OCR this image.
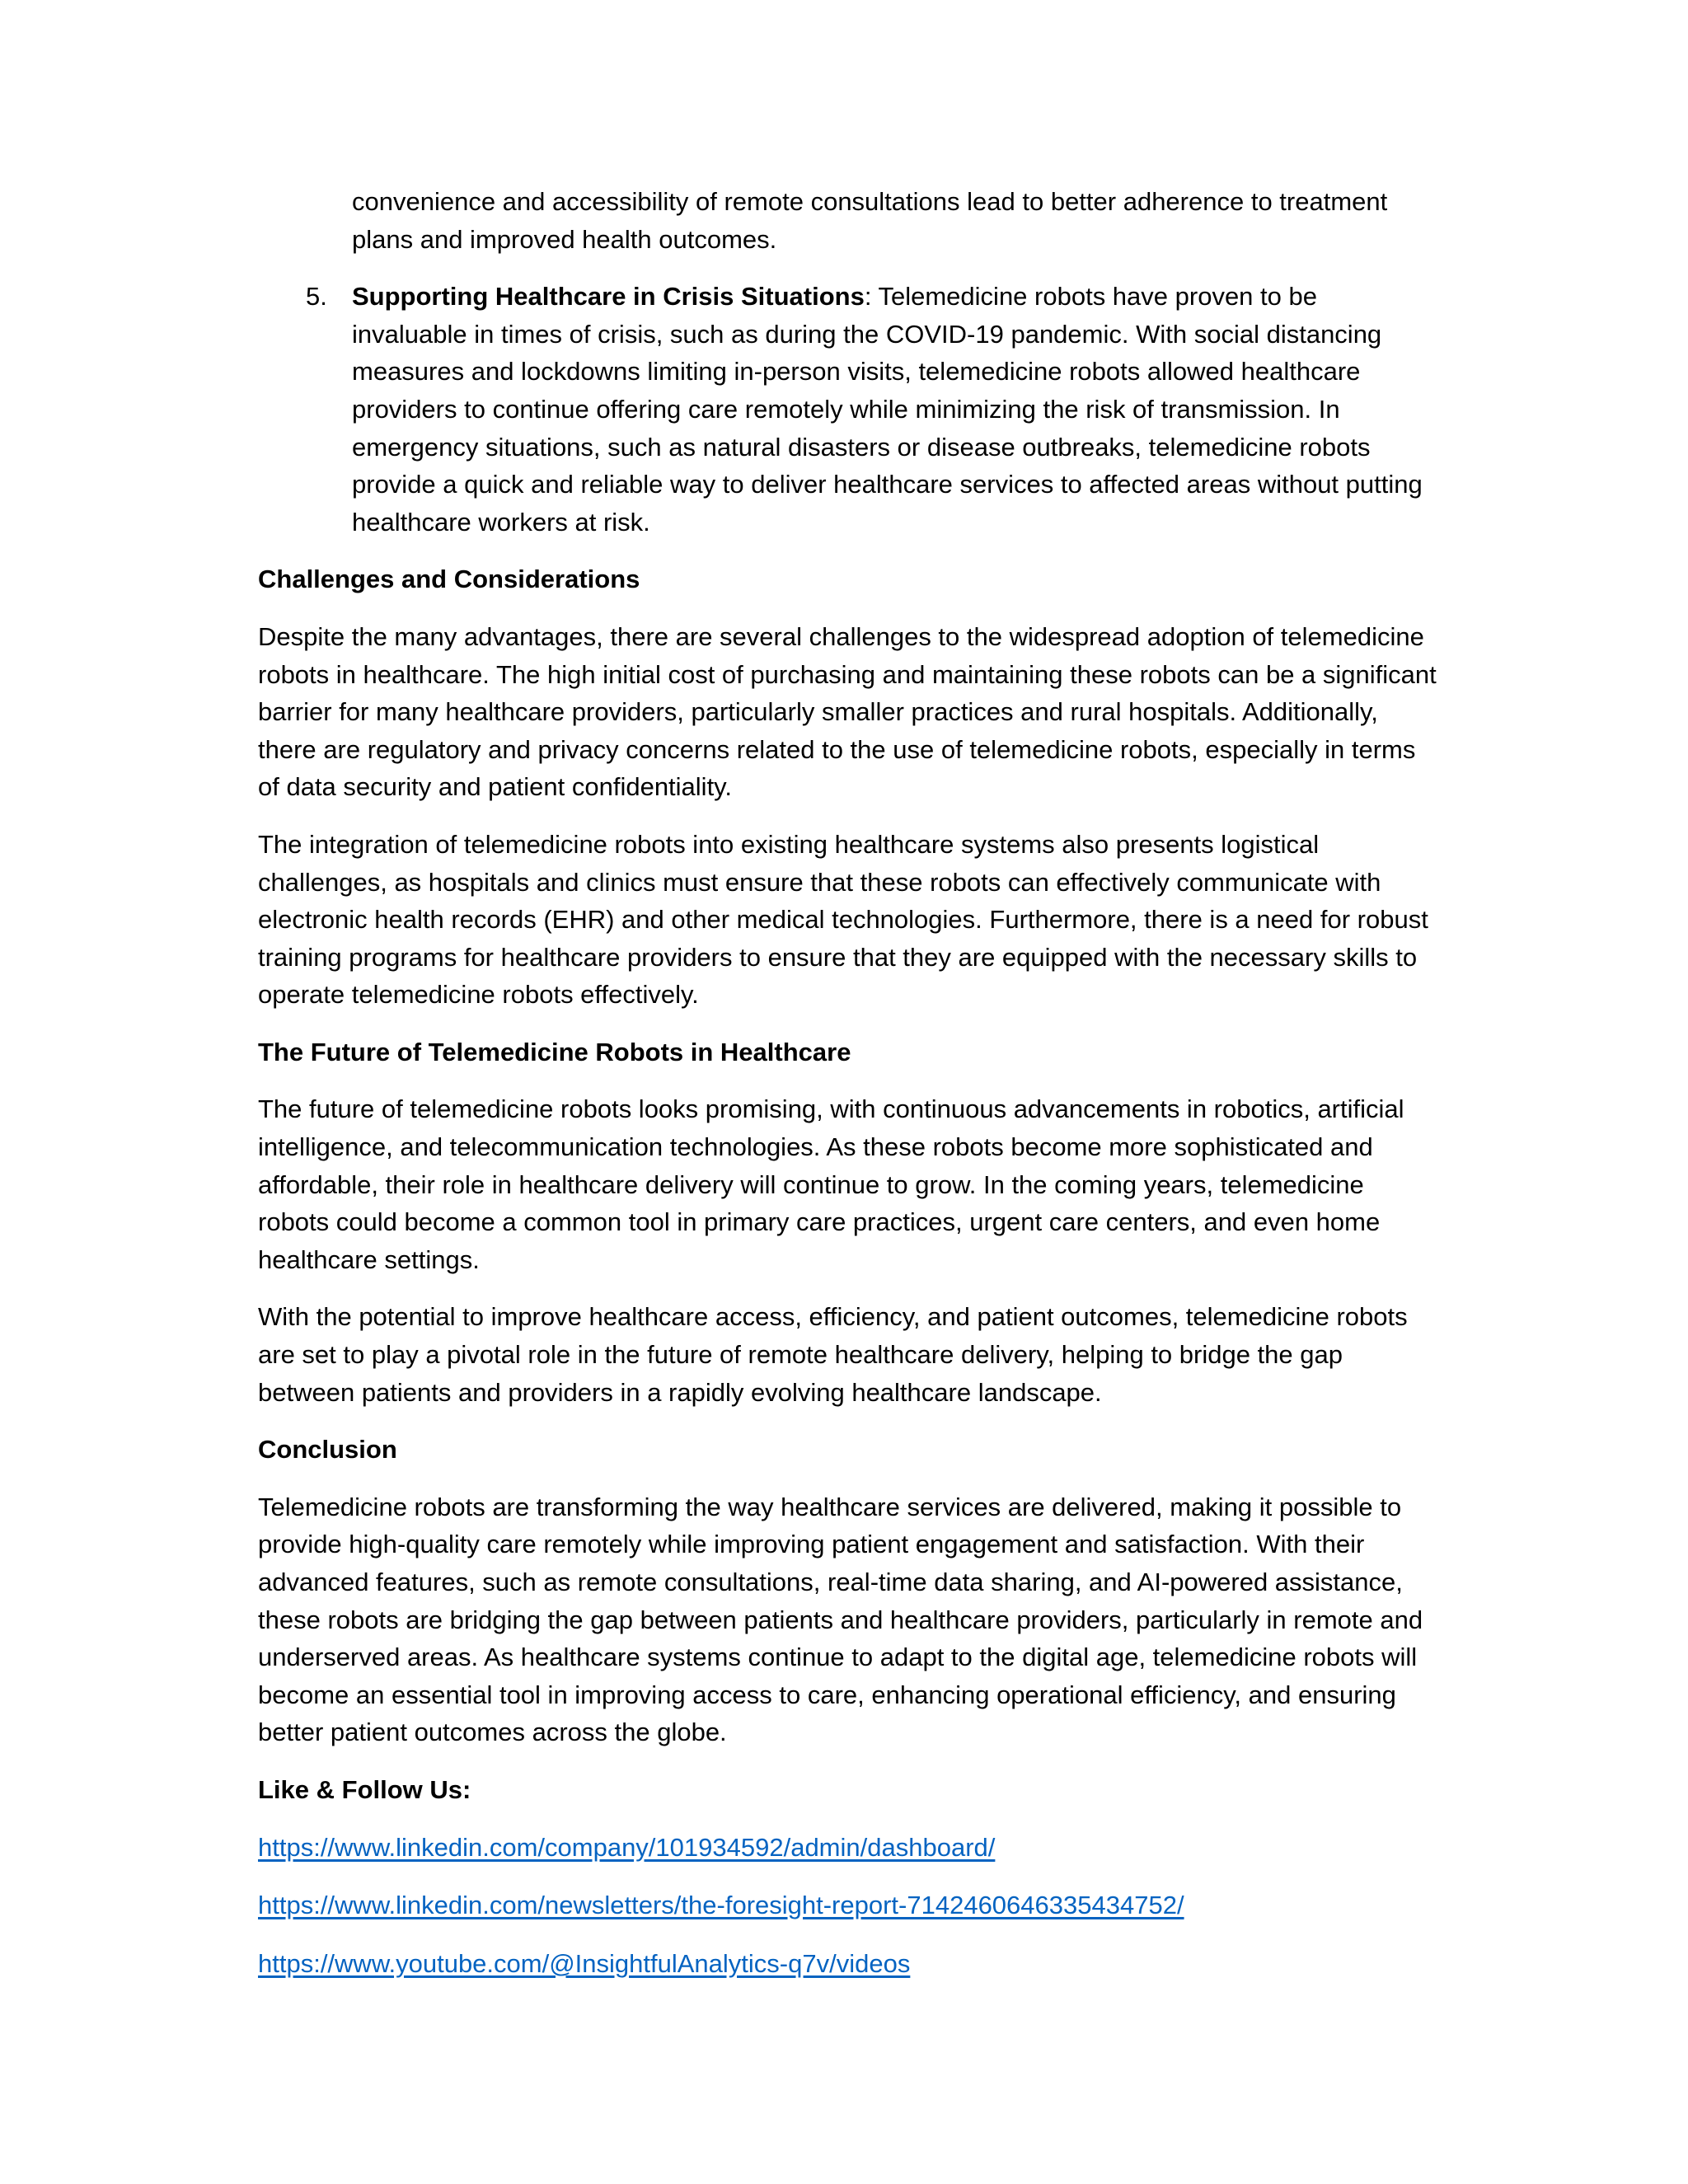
convenience and accessibility of remote consultations lead to better adherence to treatment plans and improved health outcomes.

5. Supporting Healthcare in Crisis Situations: Telemedicine robots have proven to be invaluable in times of crisis, such as during the COVID-19 pandemic. With social distancing measures and lockdowns limiting in-person visits, telemedicine robots allowed healthcare providers to continue offering care remotely while minimizing the risk of transmission. In emergency situations, such as natural disasters or disease outbreaks, telemedicine robots provide a quick and reliable way to deliver healthcare services to affected areas without putting healthcare workers at risk.

Challenges and Considerations

Despite the many advantages, there are several challenges to the widespread adoption of telemedicine robots in healthcare. The high initial cost of purchasing and maintaining these robots can be a significant barrier for many healthcare providers, particularly smaller practices and rural hospitals. Additionally, there are regulatory and privacy concerns related to the use of telemedicine robots, especially in terms of data security and patient confidentiality.

The integration of telemedicine robots into existing healthcare systems also presents logistical challenges, as hospitals and clinics must ensure that these robots can effectively communicate with electronic health records (EHR) and other medical technologies. Furthermore, there is a need for robust training programs for healthcare providers to ensure that they are equipped with the necessary skills to operate telemedicine robots effectively.

The Future of Telemedicine Robots in Healthcare

The future of telemedicine robots looks promising, with continuous advancements in robotics, artificial intelligence, and telecommunication technologies. As these robots become more sophisticated and affordable, their role in healthcare delivery will continue to grow. In the coming years, telemedicine robots could become a common tool in primary care practices, urgent care centers, and even home healthcare settings.

With the potential to improve healthcare access, efficiency, and patient outcomes, telemedicine robots are set to play a pivotal role in the future of remote healthcare delivery, helping to bridge the gap between patients and providers in a rapidly evolving healthcare landscape.

Conclusion

Telemedicine robots are transforming the way healthcare services are delivered, making it possible to provide high-quality care remotely while improving patient engagement and satisfaction. With their advanced features, such as remote consultations, real-time data sharing, and AI-powered assistance, these robots are bridging the gap between patients and healthcare providers, particularly in remote and underserved areas. As healthcare systems continue to adapt to the digital age, telemedicine robots will become an essential tool in improving access to care, enhancing operational efficiency, and ensuring better patient outcomes across the globe.

Like & Follow Us:

https://www.linkedin.com/company/101934592/admin/dashboard/

https://www.linkedin.com/newsletters/the-foresight-report-7142460646335434752/

https://www.youtube.com/@InsightfulAnalytics-q7v/videos
